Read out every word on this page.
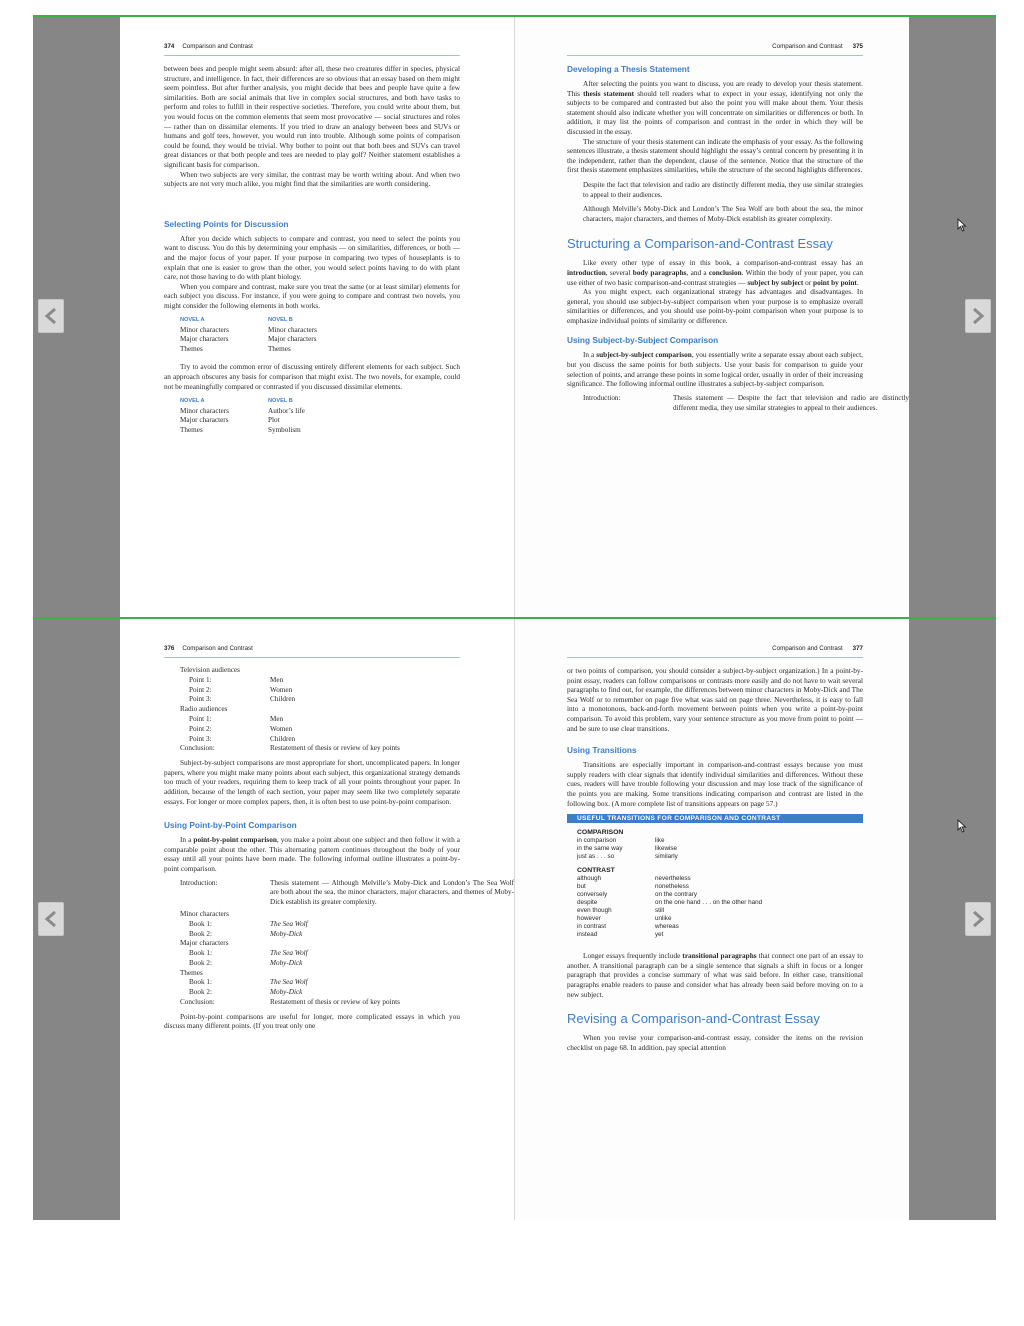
374 Comparison and Contrast

between bees and people might seem absurd: after all, these two creatures differ in species, physical structure, and intelligence. In fact, their differences are so obvious that an essay based on them might seem pointless. But after further analysis, you might decide that bees and people have quite a few similarities. Both are social animals that live in complex social structures, and both have tasks to perform and roles to fulfill in their respective societies. Therefore, you could write about them, but you would focus on the common elements that seem most provocative — social structures and roles — rather than on dissimilar elements. If you tried to draw an analogy between bees and SUVs or humans and golf tees, however, you would run into trouble. Although some points of comparison could be found, they would be trivial. Why bother to point out that both bees and SUVs can travel great distances or that both people and tees are needed to play golf? Neither statement establishes a significant basis for comparison.

When two subjects are very similar, the contrast may be worth writing about. And when two subjects are not very much alike, you might find that the similarities are worth considering.

Selecting Points for Discussion

After you decide which subjects to compare and contrast, you need to select the points you want to discuss. You do this by determining your emphasis — on similarities, differences, or both — and the major focus of your paper. If your purpose in comparing two types of houseplants is to explain that one is easier to grow than the other, you would select points having to do with plant care, not those having to do with plant biology.

When you compare and contrast, make sure you treat the same (or at least similar) elements for each subject you discuss. For instance, if you were going to compare and contrast two novels, you might consider the following elements in both works.

NOVEL A	NOVEL B
Minor characters	Minor characters
Major characters	Major characters
Themes	Themes

Try to avoid the common error of discussing entirely different elements for each subject. Such an approach obscures any basis for comparison that might exist. The two novels, for example, could not be meaningfully compared or contrasted if you discussed dissimilar elements.

NOVEL A	NOVEL B
Minor characters	Author’s life
Major characters	Plot
Themes	Symbolism
Comparison and Contrast 375
Developing a Thesis Statement

After selecting the points you want to discuss, you are ready to develop your thesis statement. This thesis statement should tell readers what to expect in your essay, identifying not only the subjects to be compared and contrasted but also the point you will make about them. Your thesis statement should also indicate whether you will concentrate on similarities or differences or both. In addition, it may list the points of comparison and contrast in the order in which they will be discussed in the essay.

The structure of your thesis statement can indicate the emphasis of your essay. As the following sentences illustrate, a thesis statement should highlight the essay’s central concern by presenting it in the independent, rather than the dependent, clause of the sentence. Notice that the structure of the first thesis statement emphasizes similarities, while the structure of the second highlights differences.

Despite the fact that television and radio are distinctly different media, they use similar strategies to appeal to their audiences.

Although Melville’s Moby-Dick and London’s The Sea Wolf are both about the sea, the minor characters, major characters, and themes of Moby-Dick establish its greater complexity.

Structuring a Comparison-and-Contrast Essay

Like every other type of essay in this book, a comparison-and-contrast essay has an introduction, several body paragraphs, and a conclusion. Within the body of your paper, you can use either of two basic comparison-and-contrast strategies — subject by subject or point by point.

As you might expect, each organizational strategy has advantages and disadvantages. In general, you should use subject-by-subject comparison when your purpose is to emphasize overall similarities or differences, and you should use point-by-point comparison when your purpose is to emphasize individual points of similarity or difference.

Using Subject-by-Subject Comparison

In a subject-by-subject comparison, you essentially write a separate essay about each subject, but you discuss the same points for both subjects. Use your basis for comparison to guide your selection of points, and arrange these points in some logical order, usually in order of their increasing significance. The following informal outline illustrates a subject-by-subject comparison.

Introduction:	Thesis statement — Despite the fact that television and radio are distinctly different media, they use similar strategies to appeal to their audiences.
376 Comparison and Contrast
Television audiences
Point 1:	Men
Point 2:	Women
Point 3:	Children
Radio audiences
Point 1:	Men
Point 2:	Women
Point 3:	Children
Conclusion:	Restatement of thesis or review of key points

Subject-by-subject comparisons are most appropriate for short, uncomplicated papers. In longer papers, where you might make many points about each subject, this organizational strategy demands too much of your readers, requiring them to keep track of all your points throughout your paper. In addition, because of the length of each section, your paper may seem like two completely separate essays. For longer or more complex papers, then, it is often best to use point-by-point comparison.

Using Point-by-Point Comparison

In a point-by-point comparison, you make a point about one subject and then follow it with a comparable point about the other. This alternating pattern continues throughout the body of your essay until all your points have been made. The following informal outline illustrates a point-by-point comparison.

Introduction:	Thesis statement — Although Melville’s Moby-Dick and London’s The Sea Wolf are both about the sea, the minor characters, major characters, and themes of Moby-Dick establish its greater complexity.
Minor characters
Book 1:	The Sea Wolf
Book 2:	Moby-Dick
Major characters
Book 1:	The Sea Wolf
Book 2:	Moby-Dick
Themes
Book 1:	The Sea Wolf
Book 2:	Moby-Dick
Conclusion:	Restatement of thesis or review of key points

Point-by-point comparisons are useful for longer, more complicated essays in which you discuss many different points. (If you treat only one

Comparison and Contrast 377

or two points of comparison, you should consider a subject-by-subject organization.) In a point-by-point essay, readers can follow comparisons or contrasts more easily and do not have to wait several paragraphs to find out, for example, the differences between minor characters in Moby-Dick and The Sea Wolf or to remember on page five what was said on page three. Nevertheless, it is easy to fall into a monotonous, back-and-forth movement between points when you write a point-by-point comparison. To avoid this problem, vary your sentence structure as you move from point to point — and be sure to use clear transitions.

Using Transitions

Transitions are especially important in comparison-and-contrast essays because you must supply readers with clear signals that identify individual similarities and differences. Without these cues, readers will have trouble following your discussion and may lose track of the significance of the points you are making. Some transitions indicating comparison and contrast are listed in the following box. (A more complete list of transitions appears on page 57.)

USEFUL TRANSITIONS FOR COMPARISON AND CONTRAST
COMPARISON
in comparison	like
in the same way	likewise
just as . . . so	similarly
CONTRAST
although	nevertheless
but	nonetheless
conversely	on the contrary
despite	on the one hand . . . on the other hand
even though	still
however	unlike
in contrast	whereas
instead	yet

Longer essays frequently include transitional paragraphs that connect one part of an essay to another. A transitional paragraph can be a single sentence that signals a shift in focus or a longer paragraph that provides a concise summary of what was said before. In either case, transitional paragraphs enable readers to pause and consider what has already been said before moving on to a new subject.

Revising a Comparison-and-Contrast Essay

When you revise your comparison-and-contrast essay, consider the items on the revision checklist on page 68. In addition, pay special attention
